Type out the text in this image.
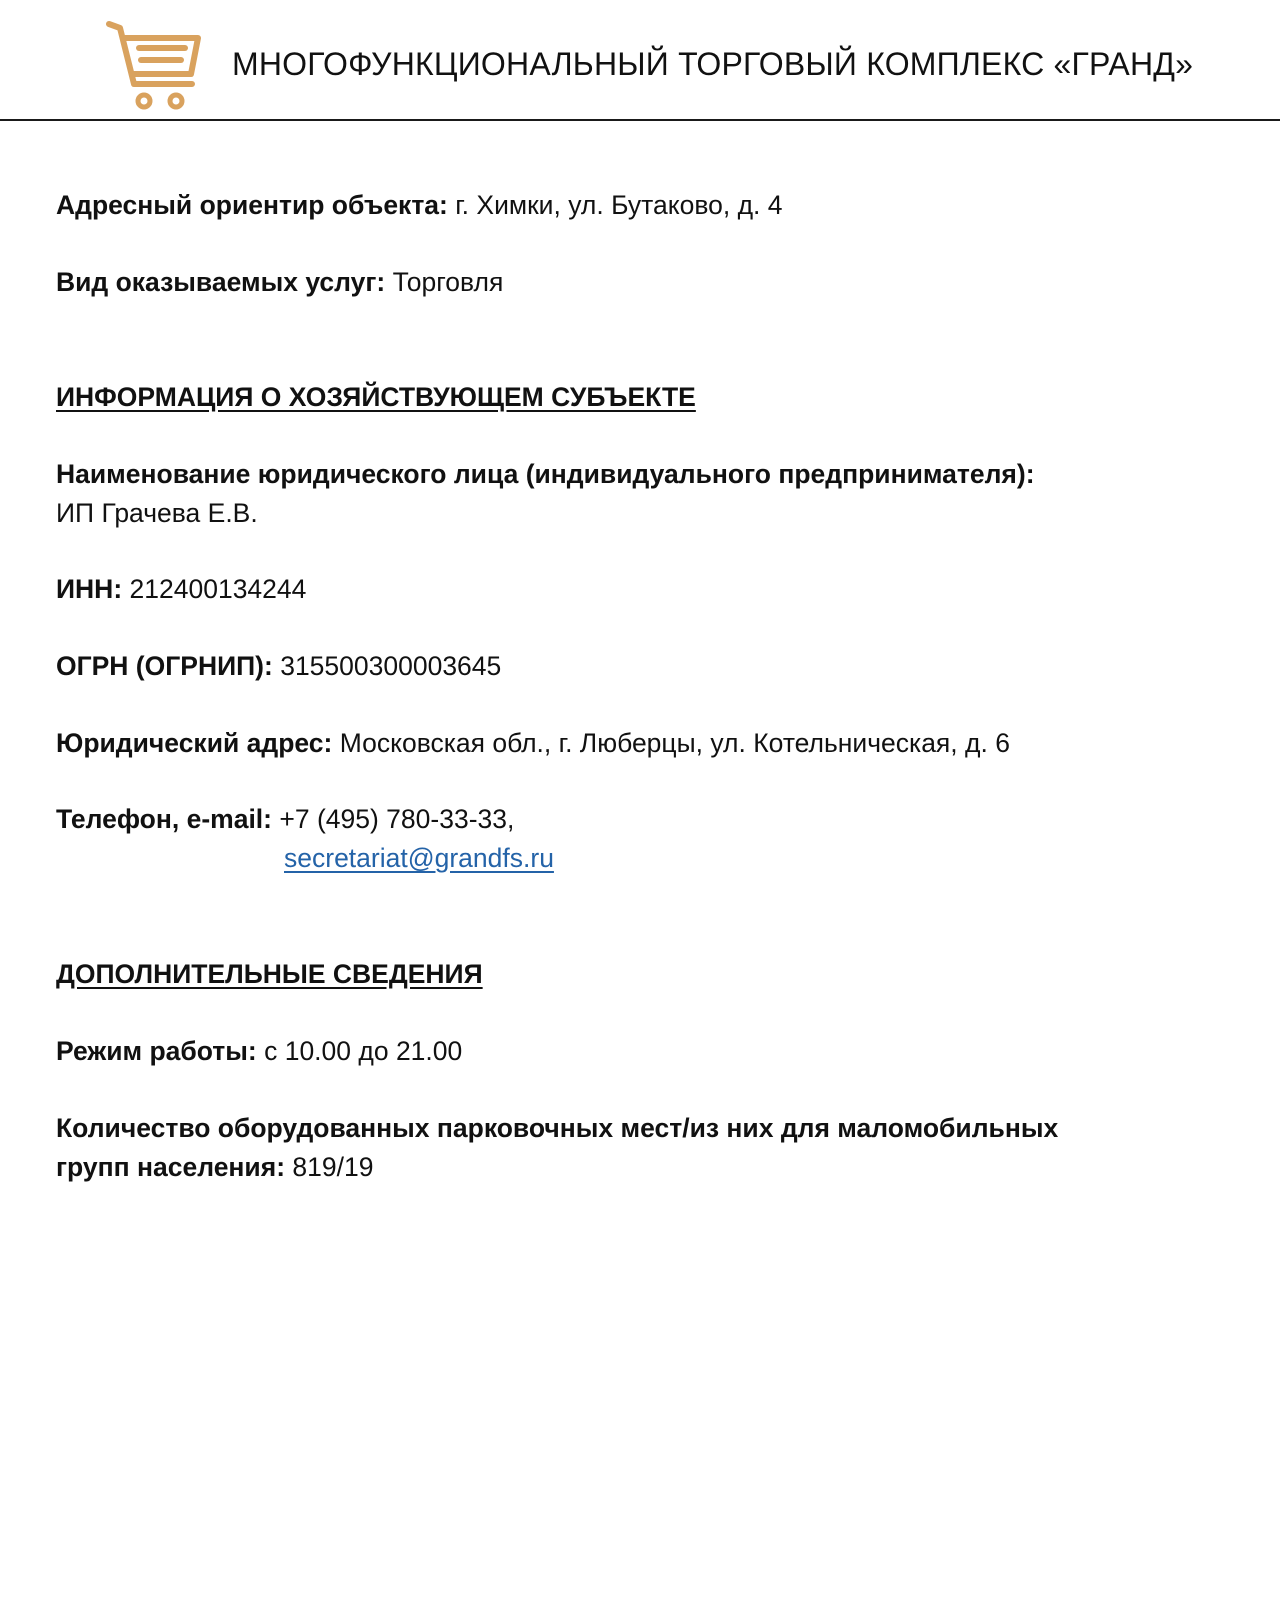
МНОГОФУНКЦИОНАЛЬНЫЙ ТОРГОВЫЙ КОМПЛЕКС «ГРАНД»
Адресный ориентир объекта: г. Химки, ул. Бутаково, д. 4
Вид оказываемых услуг: Торговля
ИНФОРМАЦИЯ О ХОЗЯЙСТВУЮЩЕМ СУБЪЕКТЕ
Наименование юридического лица (индивидуального предпринимателя):
ИП Грачева Е.В.
ИНН: 212400134244
ОГРН (ОГРНИП): 315500300003645
Юридический адрес: Московская обл., г. Люберцы, ул. Котельническая, д. 6
Телефон, e-mail: +7 (495) 780-33-33,
secretariat@grandfs.ru
ДОПОЛНИТЕЛЬНЫЕ СВЕДЕНИЯ
Режим работы: с 10.00 до 21.00
Количество оборудованных парковочных мест/из них для маломобильных
групп населения: 819/19
